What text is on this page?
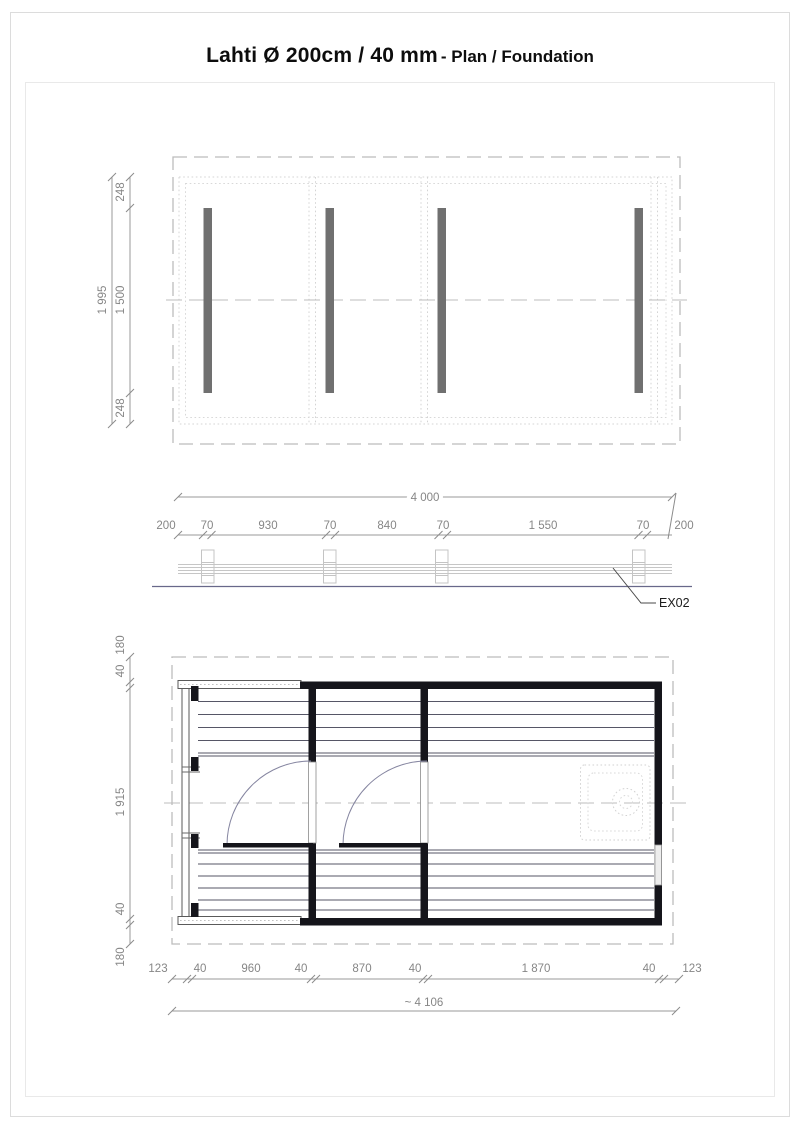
Lahti Ø 200cm / 40 mm - Plan / Foundation
1 995
248
1 500
248
4 000
200 70	930	70	840	70	1 550	70 200
EX02
180
40
1 915
40
180
123 40	960	40	870	40	1 870	40 123
~ 4 106
